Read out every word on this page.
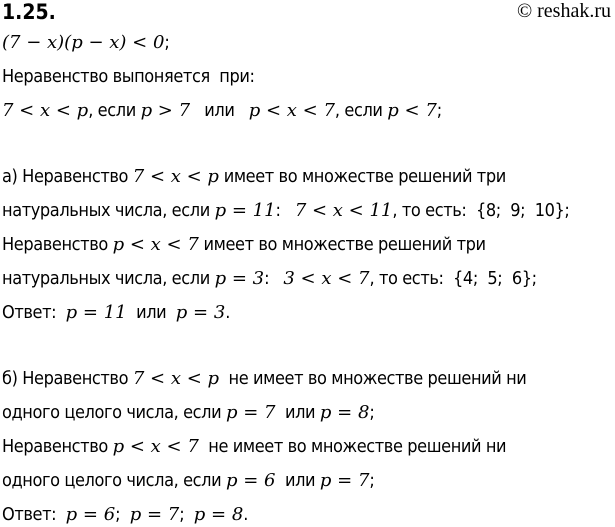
1.25.	© reshak.ru
(7 − x)(p − x) < 0;
Неравенство выпоняется  при:
7 < x < p, если p > 7   или   p < x < 7, если p < 7;
а) Неравенство 7 < x < p имеет во множестве решений три
натуральных числа, если p = 11:   7 < x < 11, то есть:  {8;  9;  10};
Неравенство p < x < 7 имеет во множестве решений три
натуральных числа, если p = 3:   3 < x < 7, то есть:  {4;  5;  6};
Ответ:  p = 11  или  p = 3.
б) Неравенство 7 < x < p  не имеет во множестве решений ни
одного целого числа, если p = 7  или p = 8;
Неравенство p < x < 7  не имеет во множестве решений ни
одного целого числа, если p = 6  или p = 7;
Ответ:  p = 6;  p = 7;  p = 8.
